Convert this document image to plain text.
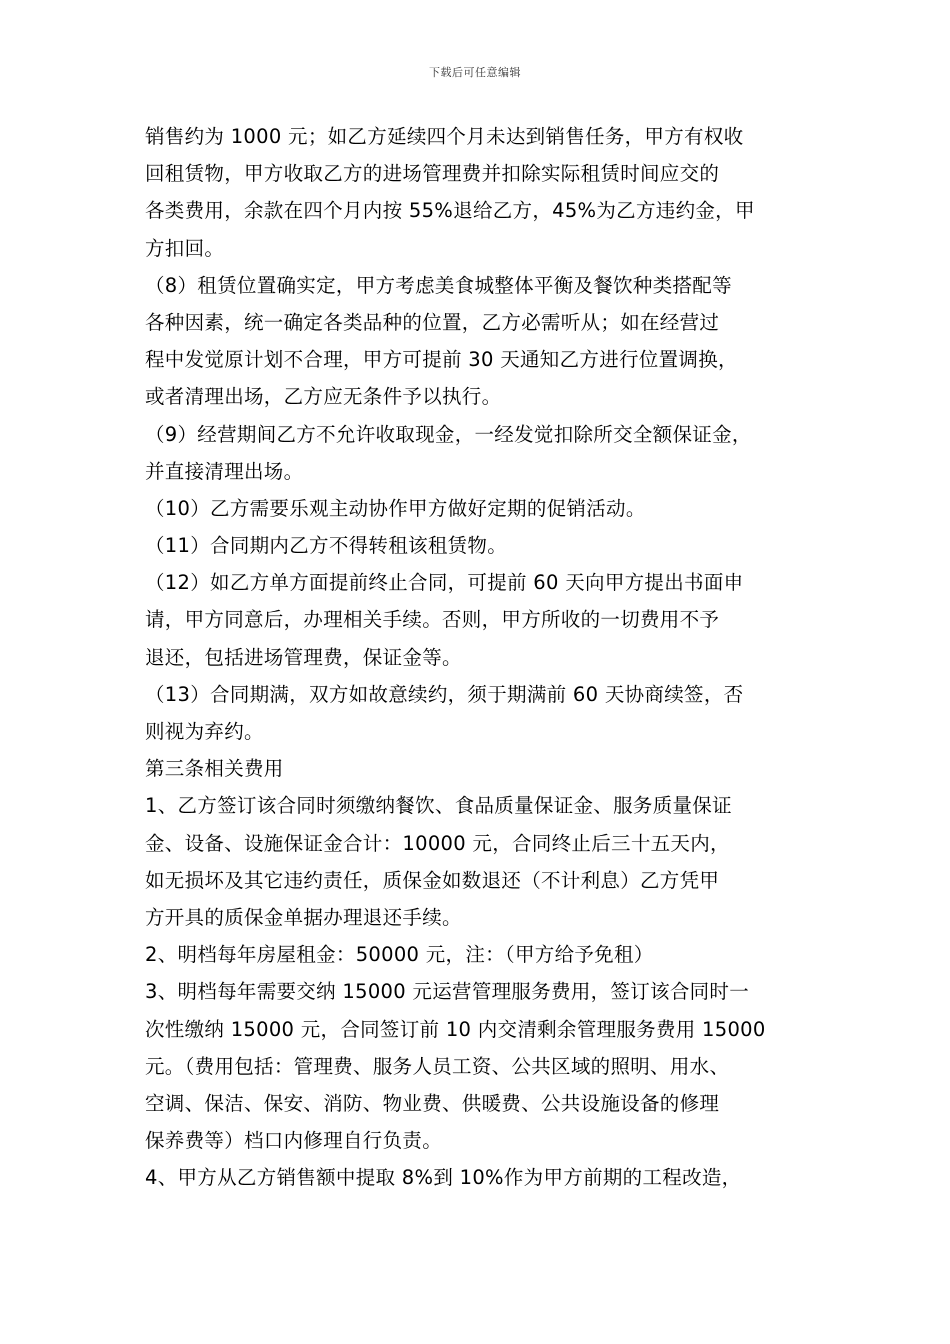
下载后可任意编辑
销售约为 1000 元；如乙方延续四个月未达到销售任务，甲方有权收
回租赁物，甲方收取乙方的进场管理费并扣除实际租赁时间应交的
各类费用，余款在四个月内按 55%退给乙方，45%为乙方违约金，甲
方扣回。
（8）租赁位置确实定，甲方考虑美食城整体平衡及餐饮种类搭配等
各种因素，统一确定各类品种的位置，乙方必需听从；如在经营过
程中发觉原计划不合理，甲方可提前 30 天通知乙方进行位置调换，
或者清理出场，乙方应无条件予以执行。
（9）经营期间乙方不允许收取现金，一经发觉扣除所交全额保证金，
并直接清理出场。
（10）乙方需要乐观主动协作甲方做好定期的促销活动。
（11）合同期内乙方不得转租该租赁物。
（12）如乙方单方面提前终止合同，可提前 60 天向甲方提出书面申
请，甲方同意后，办理相关手续。否则，甲方所收的一切费用不予
退还，包括进场管理费，保证金等。
（13）合同期满，双方如故意续约，须于期满前 60 天协商续签，否
则视为弃约。
第三条相关费用
1、乙方签订该合同时须缴纳餐饮、食品质量保证金、服务质量保证
金、设备、设施保证金合计：10000 元，合同终止后三十五天内，
如无损坏及其它违约责任，质保金如数退还（不计利息）乙方凭甲
方开具的质保金单据办理退还手续。
2、明档每年房屋租金：50000 元，注：（甲方给予免租）
3、明档每年需要交纳 15000 元运营管理服务费用，签订该合同时一
次性缴纳 15000 元，合同签订前 10 内交清剩余管理服务费用 15000
元。（费用包括：管理费、服务人员工资、公共区域的照明、用水、
空调、保洁、保安、消防、物业费、供暖费、公共设施设备的修理
保养费等）档口内修理自行负责。
4、甲方从乙方销售额中提取 8%到 10%作为甲方前期的工程改造，
